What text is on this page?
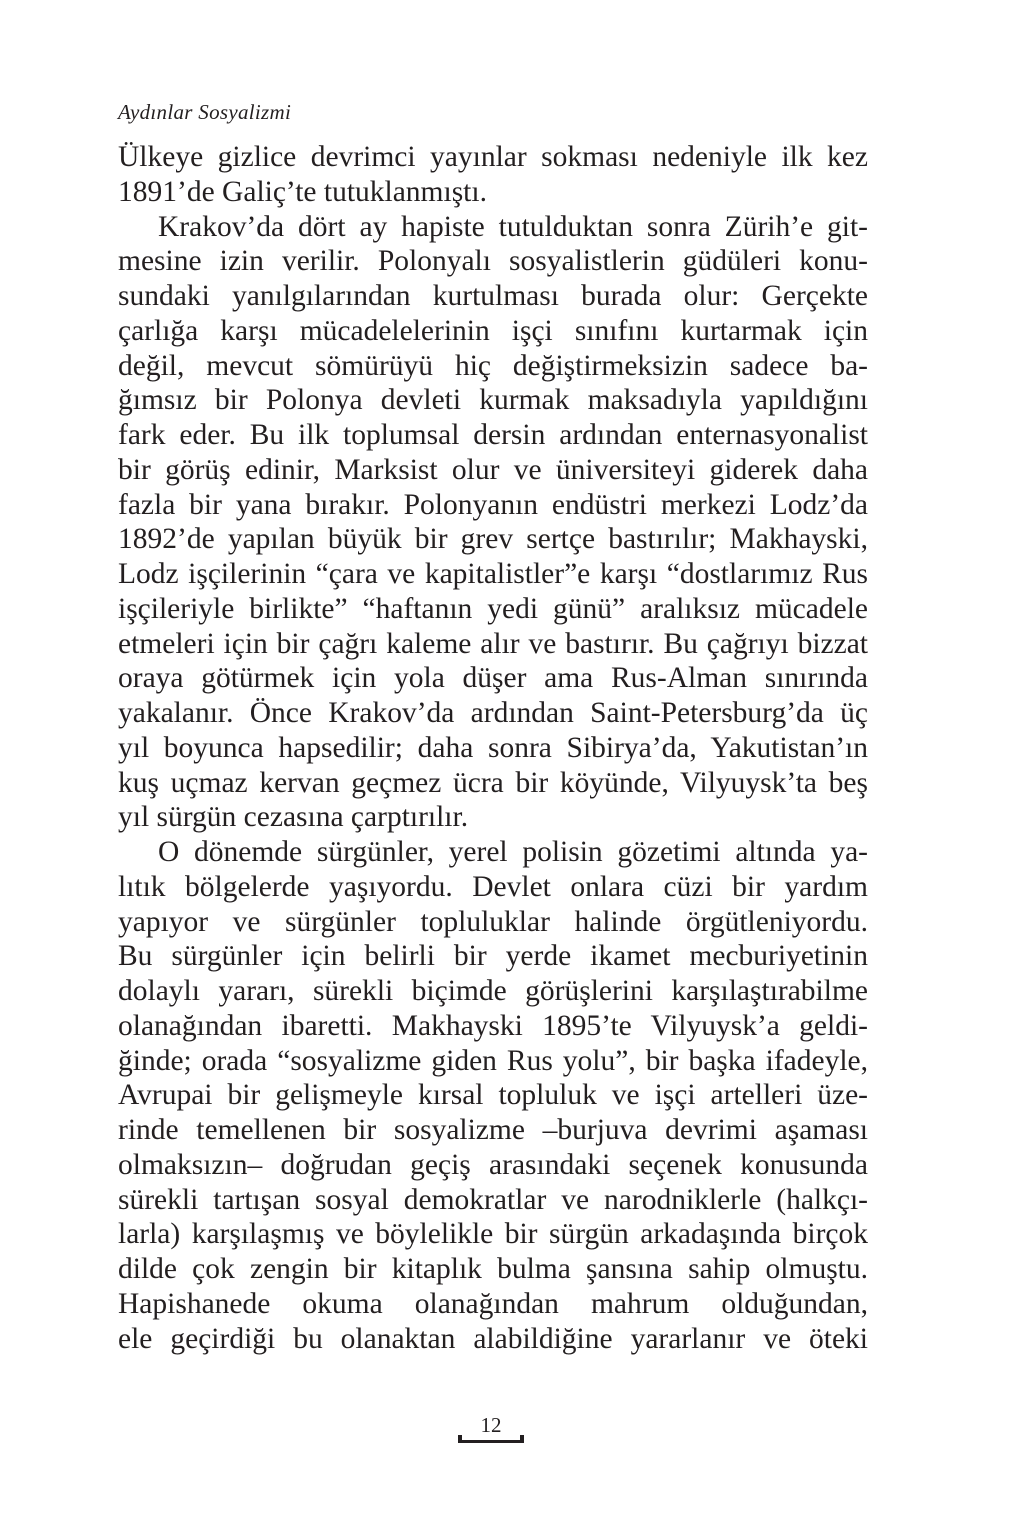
Aydınlar Sosyalizmi
Ülkeye gizlice devrimci yayınlar sokması nedeniyle ilk kez
1891’de Galiç’te tutuklanmıştı.
Krakov’da dört ay hapiste tutulduktan sonra Zürih’e git-
mesine izin verilir. Polonyalı sosyalistlerin güdüleri konu-
sundaki yanılgılarından kurtulması burada olur: Gerçekte
çarlığa karşı mücadelelerinin işçi sınıfını kurtarmak için
değil, mevcut sömürüyü hiç değiştirmeksizin sadece ba-
ğımsız bir Polonya devleti kurmak maksadıyla yapıldığını
fark eder. Bu ilk toplumsal dersin ardından enternasyonalist
bir görüş edinir, Marksist olur ve üniversiteyi giderek daha
fazla bir yana bırakır. Polonyanın endüstri merkezi Lodz’da
1892’de yapılan büyük bir grev sertçe bastırılır; Makhayski,
Lodz işçilerinin “çara ve kapitalistler”e karşı “dostlarımız Rus
işçileriyle birlikte” “haftanın yedi günü” aralıksız mücadele
etmeleri için bir çağrı kaleme alır ve bastırır. Bu çağrıyı bizzat
oraya götürmek için yola düşer ama Rus-Alman sınırında
yakalanır. Önce Krakov’da ardından Saint-Petersburg’da üç
yıl boyunca hapsedilir; daha sonra Sibirya’da, Yakutistan’ın
kuş uçmaz kervan geçmez ücra bir köyünde, Vilyuysk’ta beş
yıl sürgün cezasına çarptırılır.
O dönemde sürgünler, yerel polisin gözetimi altında ya-
lıtık bölgelerde yaşıyordu. Devlet onlara cüzi bir yardım
yapıyor ve sürgünler topluluklar halinde örgütleniyordu.
Bu sürgünler için belirli bir yerde ikamet mecburiyetinin
dolaylı yararı, sürekli biçimde görüşlerini karşılaştırabilme
olanağından ibaretti. Makhayski 1895’te Vilyuysk’a geldi-
ğinde; orada “sosyalizme giden Rus yolu”, bir başka ifadeyle,
Avrupai bir gelişmeyle kırsal topluluk ve işçi artelleri üze-
rinde temellenen bir sosyalizme –burjuva devrimi aşaması
olmaksızın– doğrudan geçiş arasındaki seçenek konusunda
sürekli tartışan sosyal demokratlar ve narodniklerle (halkçı-
larla) karşılaşmış ve böylelikle bir sürgün arkadaşında birçok
dilde çok zengin bir kitaplık bulma şansına sahip olmuştu.
Hapishanede okuma olanağından mahrum olduğundan,
ele geçirdiği bu olanaktan alabildiğine yararlanır ve öteki
12
